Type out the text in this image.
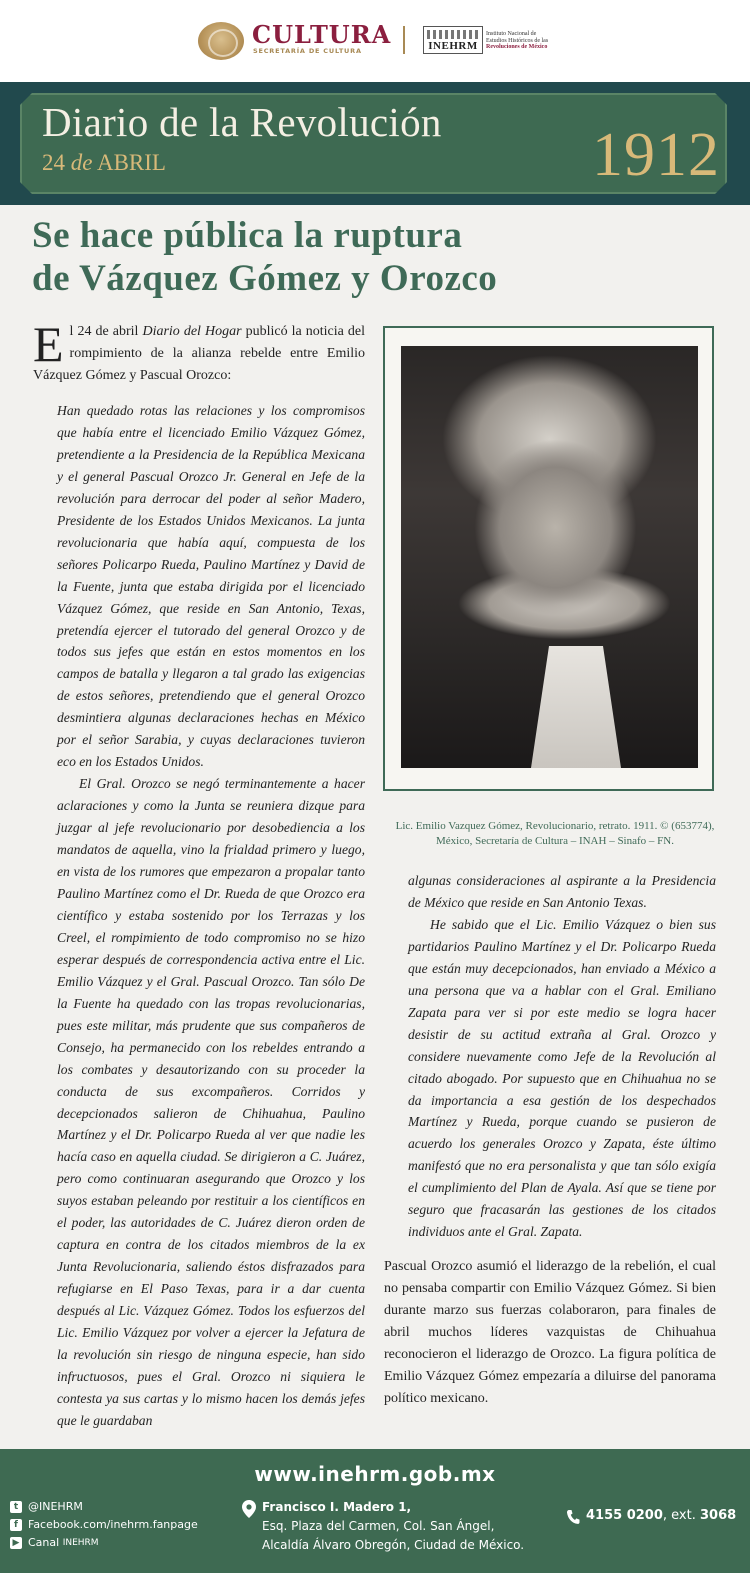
CULTURA
SECRETARÍA DE CULTURA	INEHRM
Instituto Nacional de
Estudios Históricos de las
Revoluciones de México
Diario de la Revolución
24 de ABRIL	1912
Se hace pública la ruptura
de Vázquez Gómez y Orozco
El 24 de abril Diario del Hogar publicó la noticia del rompimiento de la alianza rebelde entre Emilio Vázquez Gómez y Pascual Orozco:

Han quedado rotas las relaciones y los compromisos que había entre el licenciado Emilio Vázquez Gómez, pretendiente a la Presidencia de la República Mexicana y el general Pascual Orozco Jr. General en Jefe de la revolución para derrocar del poder al señor Madero, Presidente de los Estados Unidos Mexicanos. La junta revolucionaria que había aquí, compuesta de los señores Policarpo Rueda, Paulino Martínez y David de la Fuente, junta que estaba dirigida por el licenciado Vázquez Gómez, que reside en San Antonio, Texas, pretendía ejercer el tutorado del general Orozco y de todos sus jefes que están en estos momentos en los campos de batalla y llegaron a tal grado las exigencias de estos señores, pretendiendo que el general Orozco desmintiera algunas declaraciones hechas en México por el señor Sarabia, y cuyas declaraciones tuvieron eco en los Estados Unidos.

El Gral. Orozco se negó terminantemente a hacer aclaraciones y como la Junta se reuniera dizque para juzgar al jefe revolucionario por desobediencia a los mandatos de aquella, vino la frialdad primero y luego, en vista de los rumores que empezaron a propalar tanto Paulino Martínez como el Dr. Rueda de que Orozco era científico y estaba sostenido por los Terrazas y los Creel, el rompimiento de todo compromiso no se hizo esperar después de correspondencia activa entre el Lic. Emilio Vázquez y el Gral. Pascual Orozco. Tan sólo De la Fuente ha quedado con las tropas revolucionarias, pues este militar, más prudente que sus compañeros de Consejo, ha permanecido con los rebeldes entrando a los combates y desautorizando con su proceder la conducta de sus excompañeros. Corridos y decepcionados salieron de Chihuahua, Paulino Martínez y el Dr. Policarpo Rueda al ver que nadie les hacía caso en aquella ciudad. Se dirigieron a C. Juárez, pero como continuaran asegurando que Orozco y los suyos estaban peleando por restituir a los científicos en el poder, las autoridades de C. Juárez dieron orden de captura en contra de los citados miembros de la ex Junta Revolucionaria, saliendo éstos disfrazados para refugiarse en El Paso Texas, para ir a dar cuenta después al Lic. Vázquez Gómez. Todos los esfuerzos del Lic. Emilio Vázquez por volver a ejercer la Jefatura de la revolución sin riesgo de ninguna especie, han sido infructuosos, pues el Gral. Orozco ni siquiera le contesta ya sus cartas y lo mismo hacen los demás jefes que le guardaban

Lic. Emilio Vazquez Gómez, Revolucionario, retrato. 1911. © (653774), México, Secretaría de Cultura – INAH – Sinafo – FN.

algunas consideraciones al aspirante a la Presidencia de México que reside en San Antonio Texas.

He sabido que el Lic. Emilio Vázquez o bien sus partidarios Paulino Martínez y el Dr. Policarpo Rueda que están muy decepcionados, han enviado a México a una persona que va a hablar con el Gral. Emiliano Zapata para ver si por este medio se logra hacer desistir de su actitud extraña al Gral. Orozco y considere nuevamente como Jefe de la Revolución al citado abogado. Por supuesto que en Chihuahua no se da importancia a esa gestión de los despechados Martínez y Rueda, porque cuando se pusieron de acuerdo los generales Orozco y Zapata, éste último manifestó que no era personalista y que tan sólo exigía el cumplimiento del Plan de Ayala. Así que se tiene por seguro que fracasarán las gestiones de los citados individuos ante el Gral. Zapata.

Pascual Orozco asumió el liderazgo de la rebelión, el cual no pensaba compartir con Emilio Vázquez Gómez. Si bien durante marzo sus fuerzas colaboraron, para finales de abril muchos líderes vazquistas de Chihuahua reconocieron el liderazgo de Orozco. La figura política de Emilio Vázquez Gómez empezaría a diluirse del panorama político mexicano.
www.inehrm.gob.mx
t @INEHRM
f Facebook.com/inehrm.fanpage
▶ Canal
INEHRM
Francisco I. Madero 1,
Esq. Plaza del Carmen, Col. San Ángel,
Alcaldía Álvaro Obregón, Ciudad de México.
4155 0200, ext. 3068
